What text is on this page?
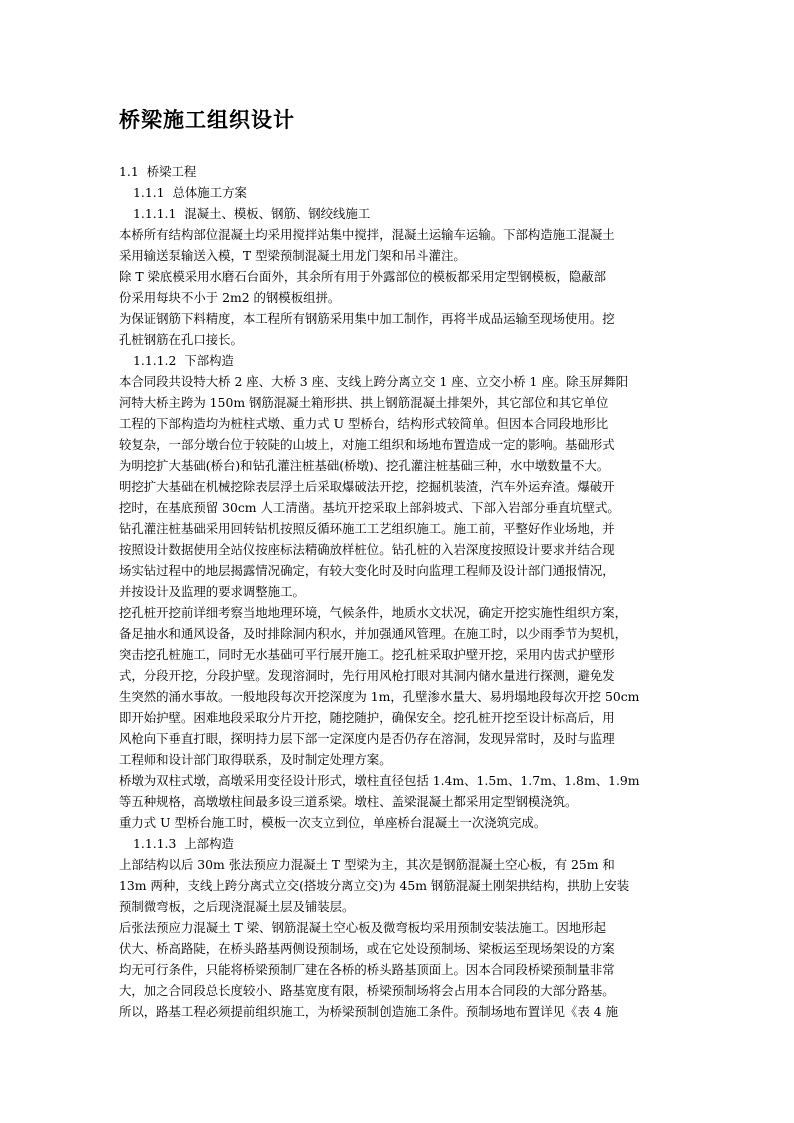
桥梁施工组织设计
1.1 桥梁工程
1.1.1 总体施工方案
1.1.1.1 混凝土、模板、钢筋、钢绞线施工
本桥所有结构部位混凝土均采用搅拌站集中搅拌，混凝土运输车运输。下部构造施工混凝土
采用输送泵输送入模，T 型梁预制混凝土用龙门架和吊斗灌注。
除 T 梁底模采用水磨石台面外，其余所有用于外露部位的模板都采用定型钢模板，隐蔽部
份采用每块不小于 2m2 的钢模板组拼。
为保证钢筋下料精度，本工程所有钢筋采用集中加工制作，再将半成品运输至现场使用。挖
孔桩钢筋在孔口接长。
1.1.1.2 下部构造
本合同段共设特大桥 2 座、大桥 3 座、支线上跨分离立交 1 座、立交小桥 1 座。除玉屏舞阳
河特大桥主跨为 150m 钢筋混凝土箱形拱、拱上钢筋混凝土排架外，其它部位和其它单位
工程的下部构造均为桩柱式墩、重力式 U 型桥台，结构形式较简单。但因本合同段地形比
较复杂，一部分墩台位于较陡的山坡上，对施工组织和场地布置造成一定的影响。基础形式
为明挖扩大基础(桥台)和钻孔灌注桩基础(桥墩)、挖孔灌注桩基础三种，水中墩数量不大。
明挖扩大基础在机械挖除表层浮土后采取爆破法开挖，挖掘机装渣，汽车外运弃渣。爆破开
挖时，在基底预留 30cm 人工清凿。基坑开挖采取上部斜坡式、下部入岩部分垂直坑壁式。
钻孔灌注桩基础采用回转钻机按照反循环施工工艺组织施工。施工前，平整好作业场地，并
按照设计数据使用全站仪按座标法精确放样桩位。钻孔桩的入岩深度按照设计要求并结合现
场实钻过程中的地层揭露情况确定，有较大变化时及时向监理工程师及设计部门通报情况，
并按设计及监理的要求调整施工。
挖孔桩开挖前详细考察当地地理环境，气候条件，地质水文状况，确定开挖实施性组织方案，
备足抽水和通风设备，及时排除洞内积水，并加强通风管理。在施工时，以少雨季节为契机，
突击挖孔桩施工，同时无水基础可平行展开施工。挖孔桩采取护壁开挖，采用内齿式护壁形
式，分段开挖，分段护壁。发现溶洞时，先行用风枪打眼对其洞内储水量进行探测，避免发
生突然的涌水事故。一般地段每次开挖深度为 1m，孔壁渗水量大、易坍塌地段每次开挖 50cm
即开始护壁。困难地段采取分片开挖，随挖随护，确保安全。挖孔桩开挖至设计标高后，用
风枪向下垂直打眼，探明持力层下部一定深度内是否仍存在溶洞，发现异常时，及时与监理
工程师和设计部门取得联系，及时制定处理方案。
桥墩为双柱式墩，高墩采用变径设计形式，墩柱直径包括 1.4m、1.5m、1.7m、1.8m、1.9m
等五种规格，高墩墩柱间最多设三道系梁。墩柱、盖梁混凝土都采用定型钢模浇筑。
重力式 U 型桥台施工时，模板一次支立到位，单座桥台混凝土一次浇筑完成。
1.1.1.3 上部构造
上部结构以后 30m 张法预应力混凝土 T 型梁为主，其次是钢筋混凝土空心板，有 25m 和
13m 两种，支线上跨分离式立交(搭坡分离立交)为 45m 钢筋混凝土刚架拱结构，拱肋上安装
预制微弯板，之后现浇混凝土层及铺装层。
后张法预应力混凝土 T 梁、钢筋混凝土空心板及微弯板均采用预制安装法施工。因地形起
伏大、桥高路陡，在桥头路基两侧设预制场，或在它处设预制场、梁板运至现场架设的方案
均无可行条件，只能将桥梁预制厂建在各桥的桥头路基顶面上。因本合同段桥梁预制量非常
大，加之合同段总长度较小、路基宽度有限，桥梁预制场将会占用本合同段的大部分路基。
所以，路基工程必须提前组织施工，为桥梁预制创造施工条件。预制场地布置详见《表 4 施
